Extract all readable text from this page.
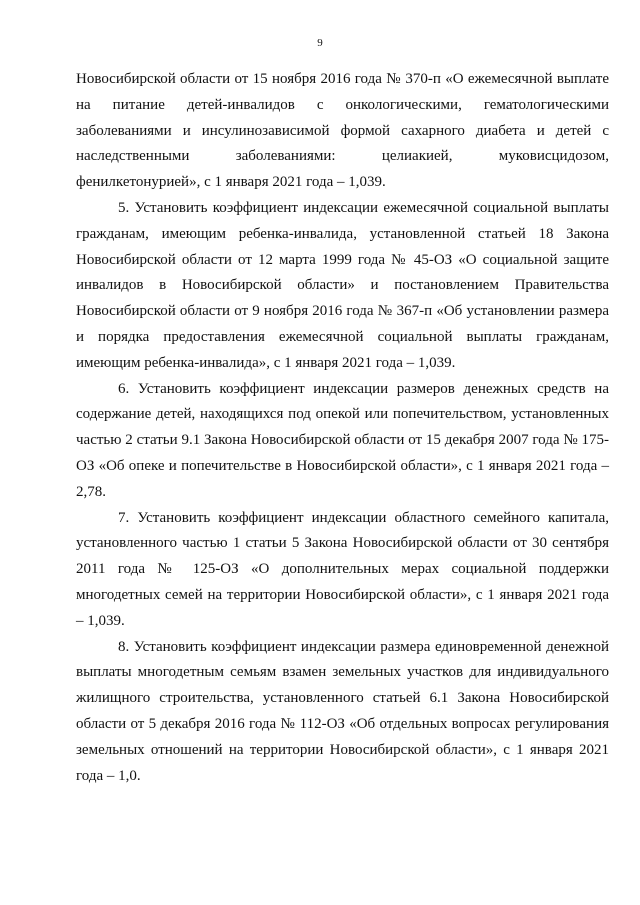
9

Новосибирской области от 15 ноября 2016 года № 370-п «О ежемесячной выплате на питание детей-инвалидов с онкологическими, гематологическими заболеваниями и инсулинозависимой формой сахарного диабета и детей с наследственными заболеваниями: целиакией, муковисцидозом, фенилкетонурией», с 1 января 2021 года – 1,039.

5. Установить коэффициент индексации ежемесячной социальной выплаты гражданам, имеющим ребенка-инвалида, установленной статьей 18 Закона Новосибирской области от 12 марта 1999 года № 45-ОЗ «О социальной защите инвалидов в Новосибирской области» и постановлением Правительства Новосибирской области от 9 ноября 2016 года № 367-п «Об установлении размера и порядка предоставления ежемесячной социальной выплаты гражданам, имеющим ребенка-инвалида», с 1 января 2021 года – 1,039.

6. Установить коэффициент индексации размеров денежных средств на содержание детей, находящихся под опекой или попечительством, установленных частью 2 статьи 9.1 Закона Новосибирской области от 15 декабря 2007 года № 175-ОЗ «Об опеке и попечительстве в Новосибирской области», с 1 января 2021 года – 2,78.

7. Установить коэффициент индексации областного семейного капитала, установленного частью 1 статьи 5 Закона Новосибирской области от 30 сентября 2011 года № 125-ОЗ «О дополнительных мерах социальной поддержки многодетных семей на территории Новосибирской области», с 1 января 2021 года – 1,039.

8. Установить коэффициент индексации размера единовременной денежной выплаты многодетным семьям взамен земельных участков для индивидуального жилищного строительства, установленного статьей 6.1 Закона Новосибирской области от 5 декабря 2016 года № 112-ОЗ «Об отдельных вопросах регулирования земельных отношений на территории Новосибирской области», с 1 января 2021 года – 1,0.
